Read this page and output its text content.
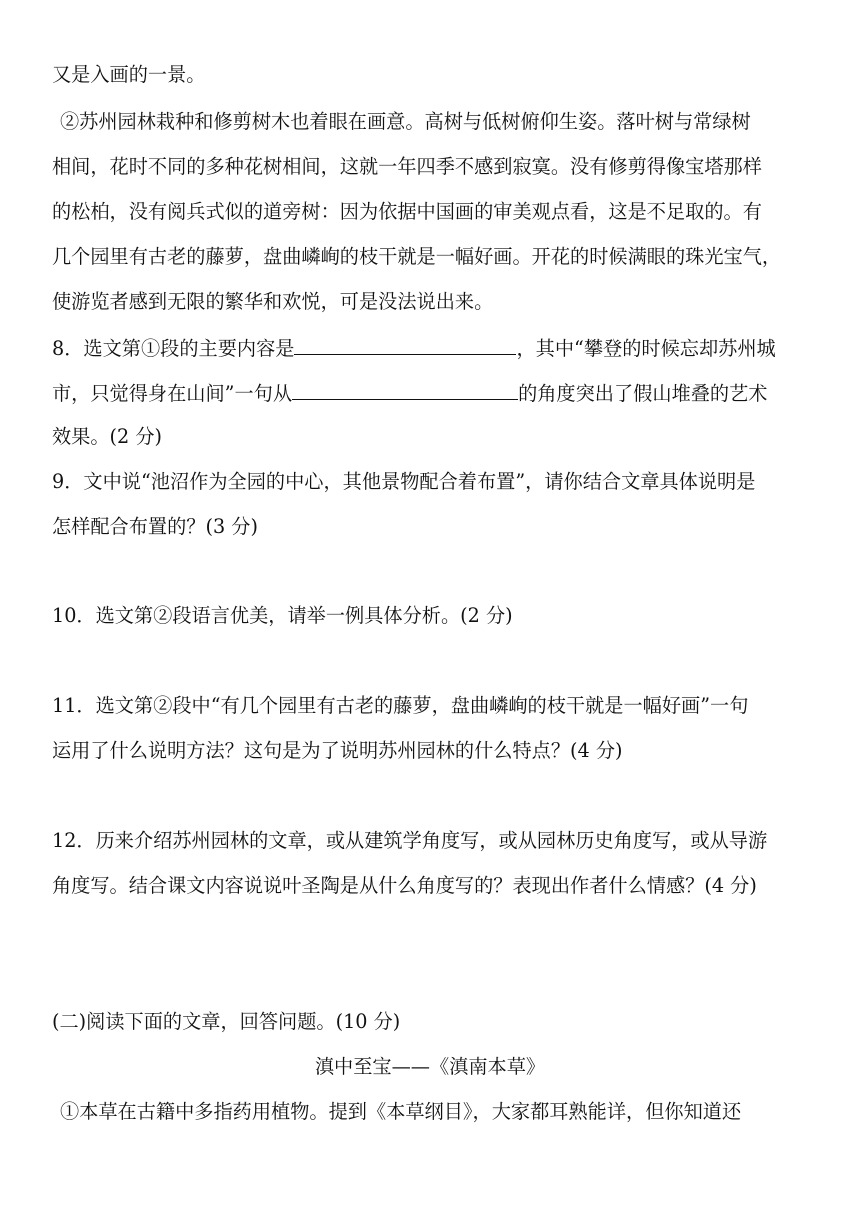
又是入画的一景。
②苏州园林栽种和修剪树木也着眼在画意。高树与低树俯仰生姿。落叶树与常绿树
相间，花时不同的多种花树相间，这就一年四季不感到寂寞。没有修剪得像宝塔那样
的松柏，没有阅兵式似的道旁树：因为依据中国画的审美观点看，这是不足取的。有
几个园里有古老的藤萝，盘曲嶙峋的枝干就是一幅好画。开花的时候满眼的珠光宝气，
使游览者感到无限的繁华和欢悦，可是没法说出来。
8．选文第①段的主要内容是	，其中“攀登的时候忘却苏州城
市，只觉得身在山间”一句从	的角度突出了假山堆叠的艺术
效果。(2 分)
9．文中说“池沼作为全园的中心，其他景物配合着布置”，请你结合文章具体说明是
怎样配合布置的？(3 分)
10．选文第②段语言优美，请举一例具体分析。(2 分)
11．选文第②段中“有几个园里有古老的藤萝，盘曲嶙峋的枝干就是一幅好画”一句
运用了什么说明方法？这句是为了说明苏州园林的什么特点？(4 分)
12．历来介绍苏州园林的文章，或从建筑学角度写，或从园林历史角度写，或从导游
角度写。结合课文内容说说叶圣陶是从什么角度写的？表现出作者什么情感？(4 分)
(二)阅读下面的文章，回答问题。(10 分)
滇中至宝——《滇南本草》
①本草在古籍中多指药用植物。提到《本草纲目》，大家都耳熟能详，但你知道还
